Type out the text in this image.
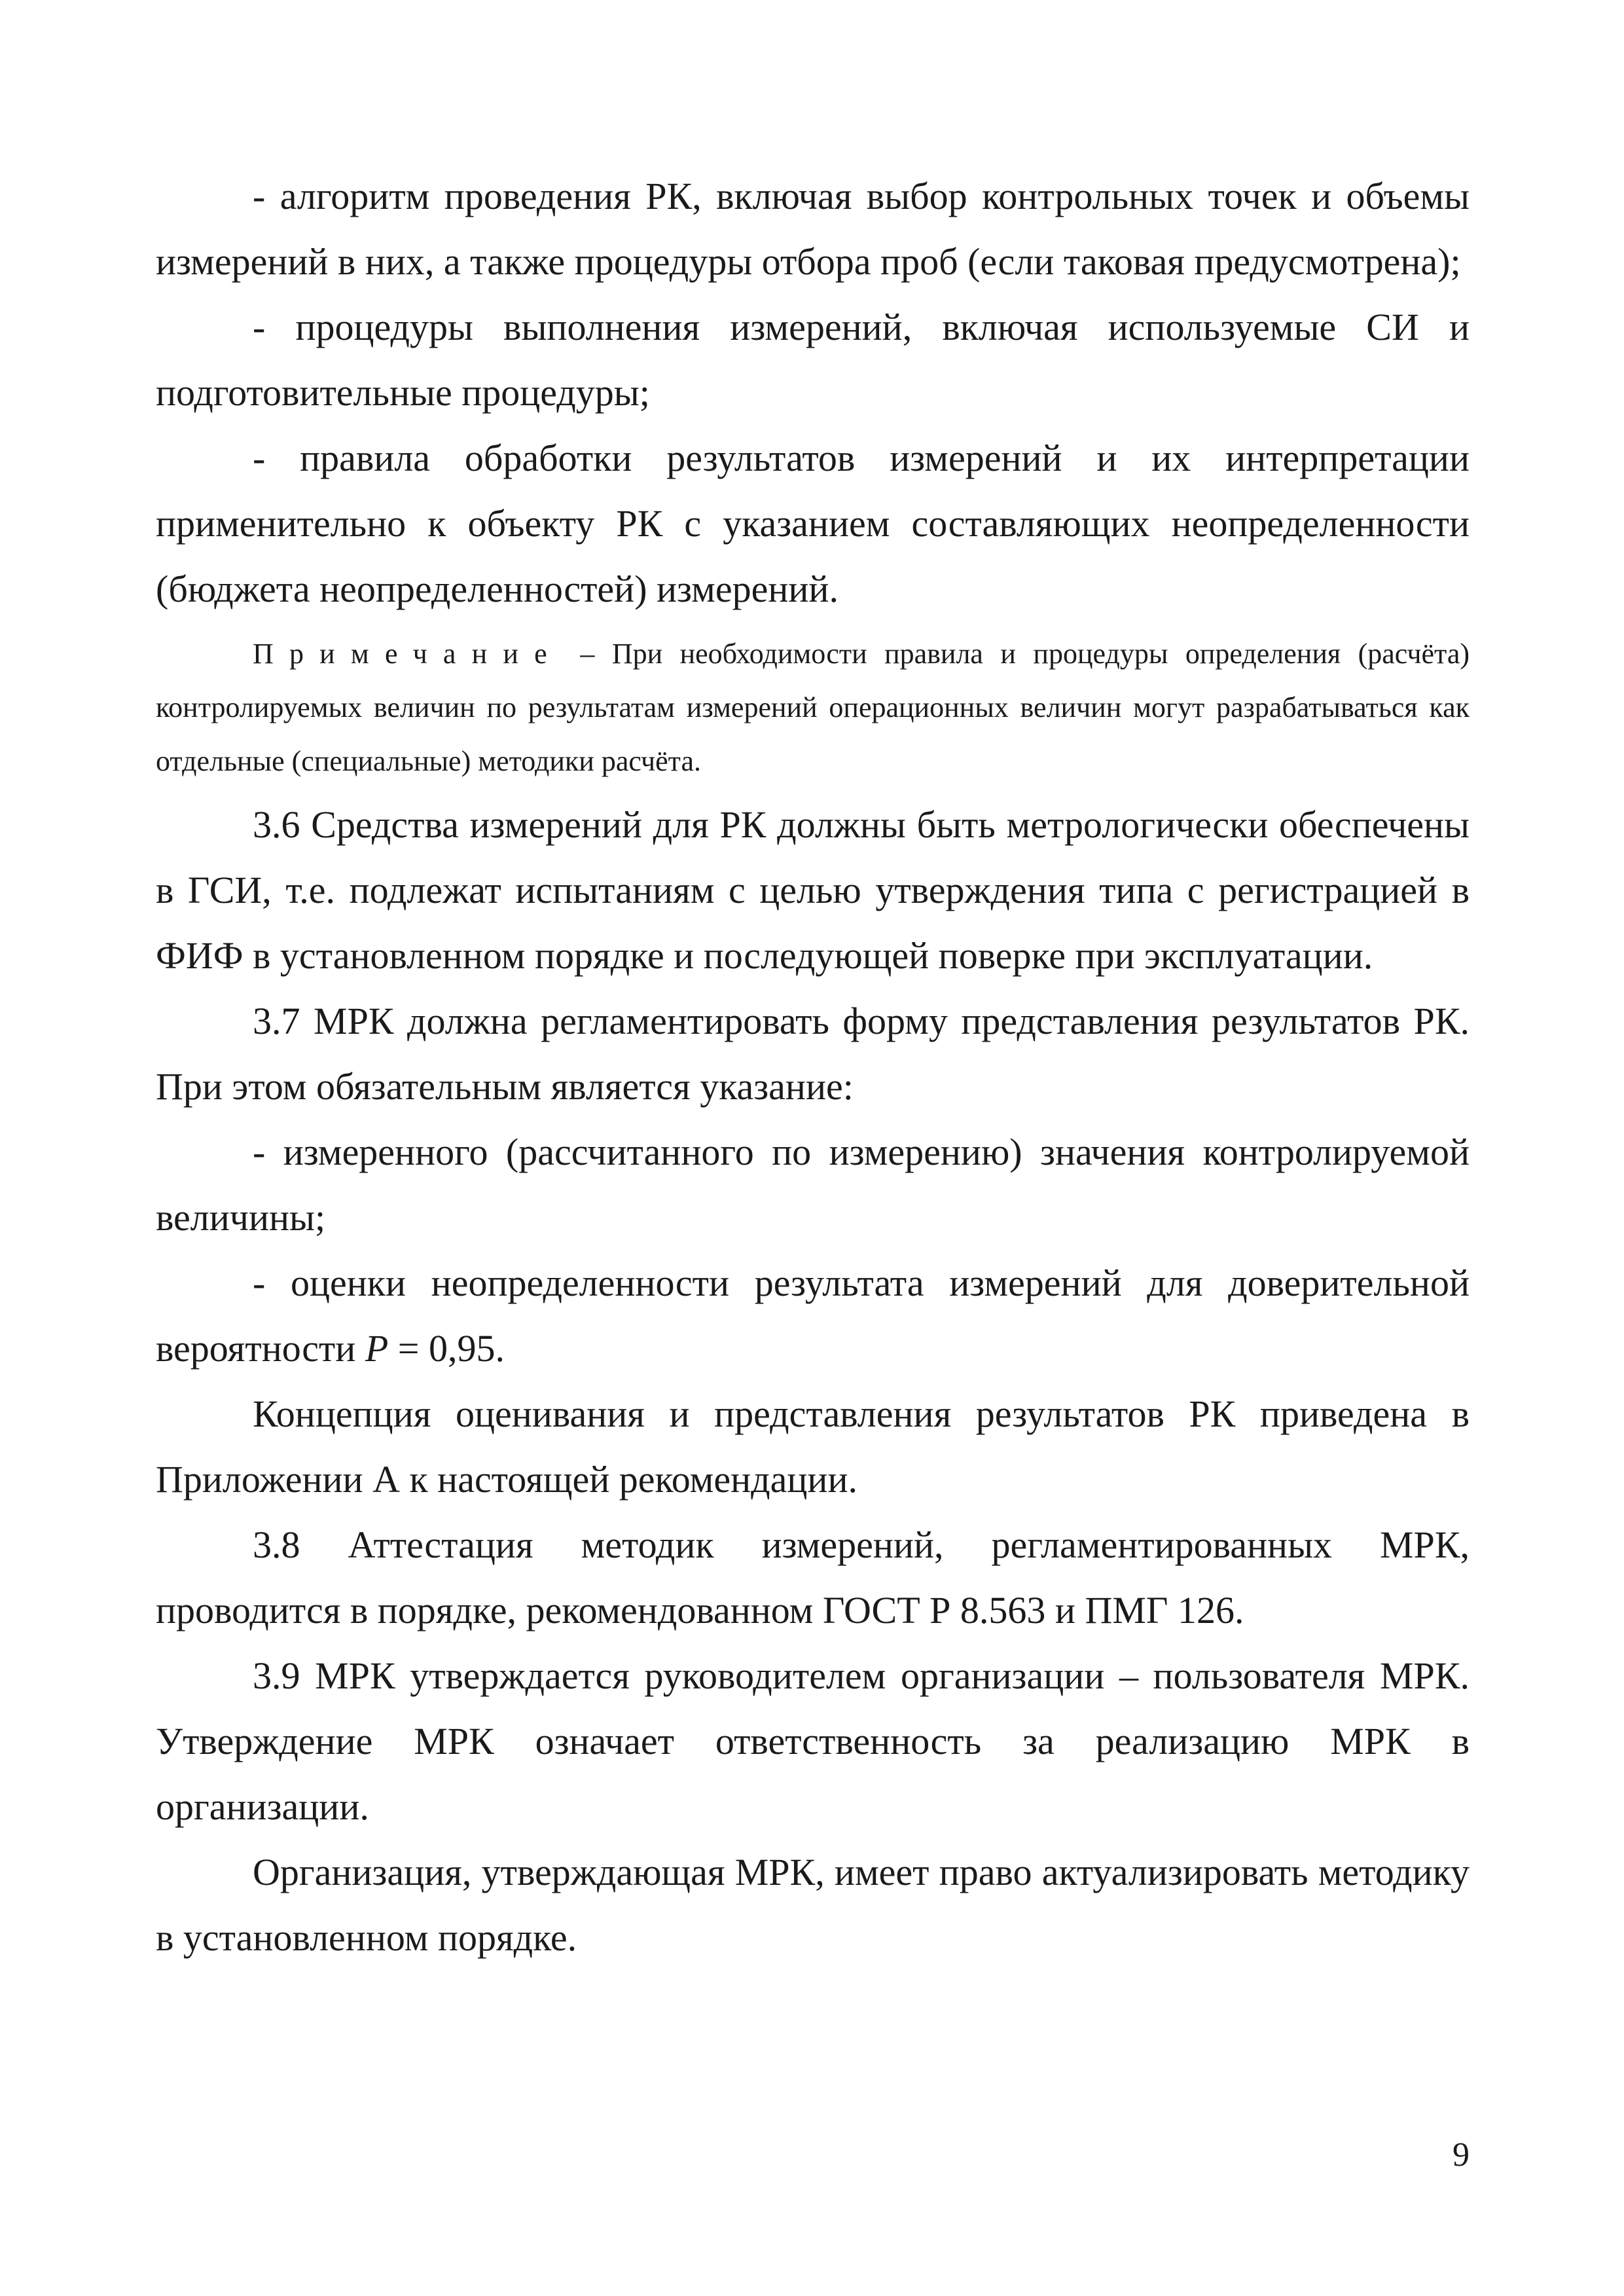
- алгоритм проведения РК, включая выбор контрольных точек и объемы измерений в них, а также процедуры отбора проб (если таковая предусмотрена);

- процедуры выполнения измерений, включая используемые СИ и подготовительные процедуры;

- правила обработки результатов измерений и их интерпретации применительно к объекту РК с указанием составляющих неопределенности (бюджета неопределенностей) измерений.

Примечание – При необходимости правила и процедуры определения (расчёта) контролируемых величин по результатам измерений операционных величин могут разрабатываться как отдельные (специальные) методики расчёта.

3.6 Средства измерений для РК должны быть метрологически обеспечены в ГСИ, т.е. подлежат испытаниям с целью утверждения типа с регистрацией в ФИФ в установленном порядке и последующей поверке при эксплуатации.

3.7 МРК должна регламентировать форму представления результатов РК. При этом обязательным является указание:

- измеренного (рассчитанного по измерению) значения контролируемой величины;

- оценки неопределенности результата измерений для доверительной вероятности P = 0,95.

Концепция оценивания и представления результатов РК приведена в Приложении А к настоящей рекомендации.

3.8 Аттестация методик измерений, регламентированных МРК, проводится в порядке, рекомендованном ГОСТ Р 8.563 и ПМГ 126.

3.9 МРК утверждается руководителем организации – пользователя МРК. Утверждение МРК означает ответственность за реализацию МРК в организации.

Организация, утверждающая МРК, имеет право актуализировать методику в установленном порядке.

9
